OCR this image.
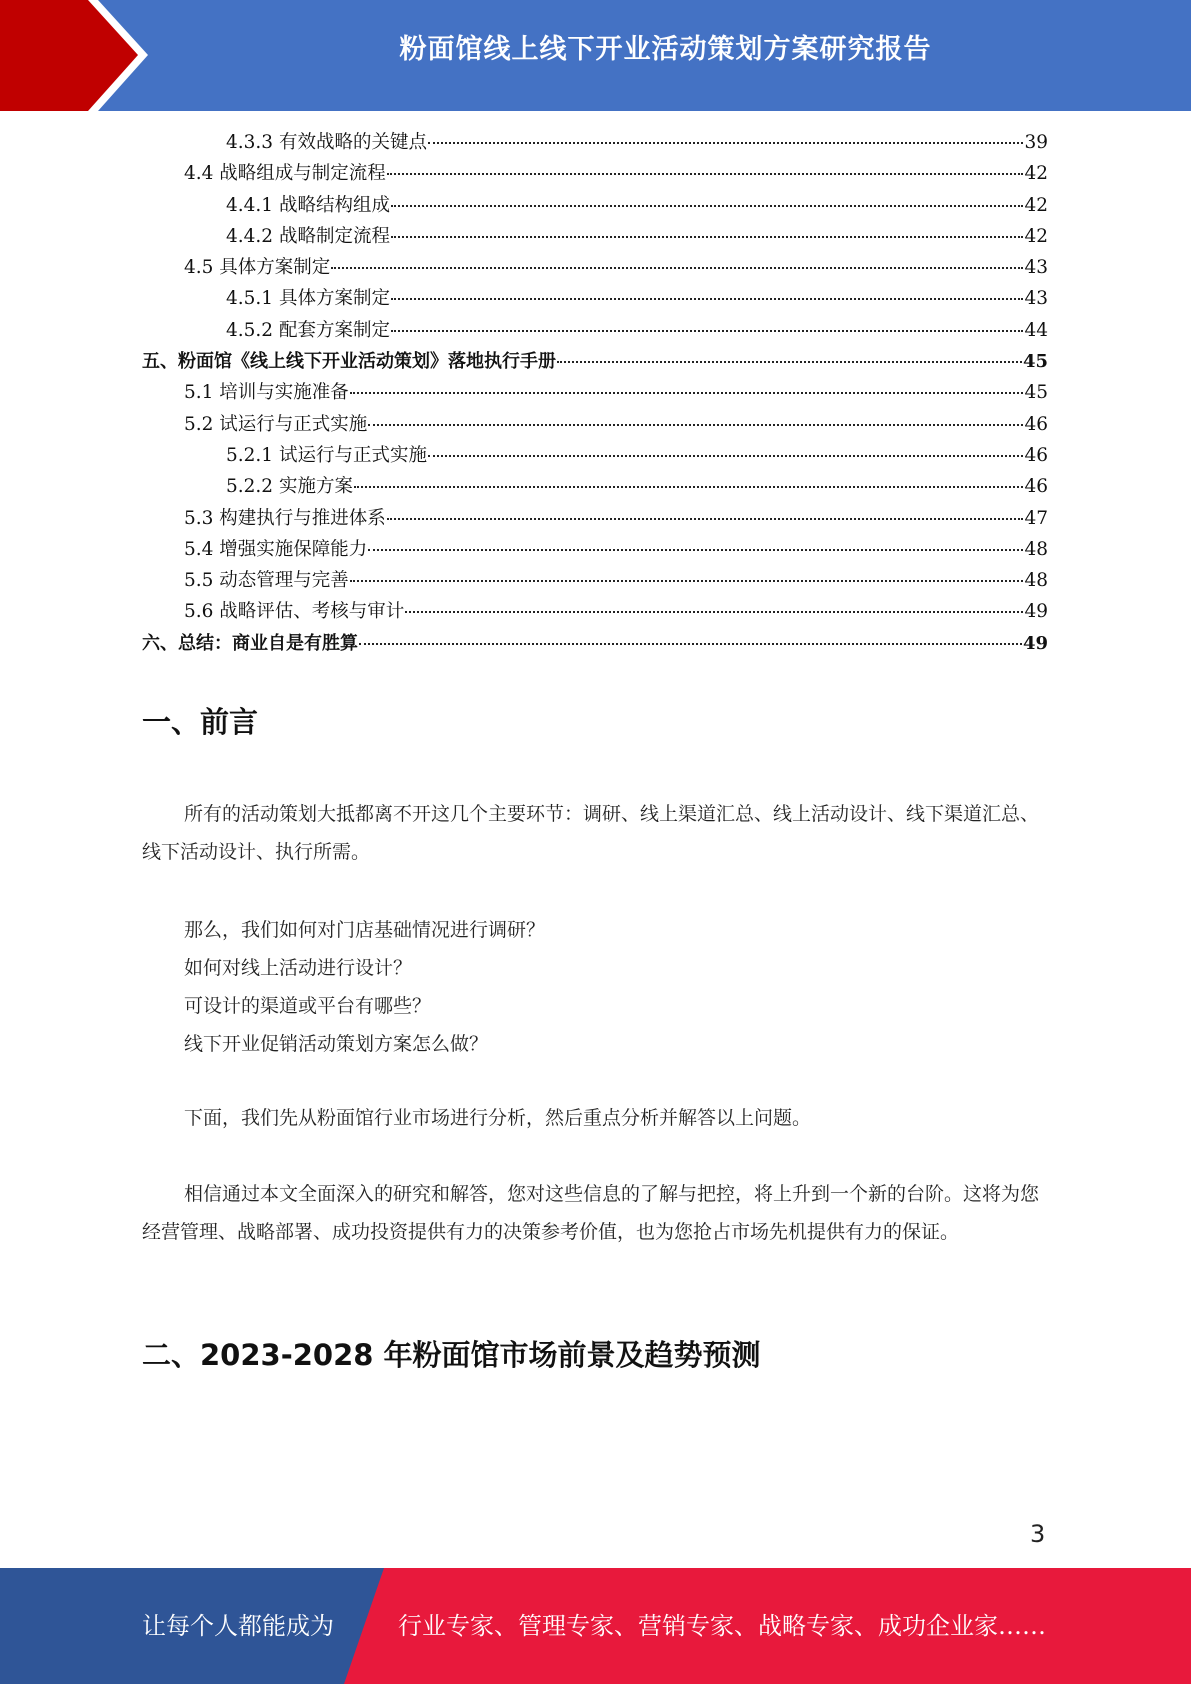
粉面馆线上线下开业活动策划方案研究报告
4.3.3 有效战略的关键点	39
4.4 战略组成与制定流程	42
4.4.1 战略结构组成	42
4.4.2 战略制定流程	42
4.5 具体方案制定	43
4.5.1 具体方案制定	43
4.5.2 配套方案制定	44
五、粉面馆《线上线下开业活动策划》落地执行手册	45
5.1 培训与实施准备	45
5.2 试运行与正式实施	46
5.2.1 试运行与正式实施	46
5.2.2 实施方案	46
5.3 构建执行与推进体系	47
5.4 增强实施保障能力	48
5.5 动态管理与完善	48
5.6 战略评估、考核与审计	49
六、总结：商业自是有胜算	49
一、前言
所有的活动策划大抵都离不开这几个主要环节：调研、线上渠道汇总、线上活动设计、线下渠道汇总、线下活动设计、执行所需。
那么，我们如何对门店基础情况进行调研？
如何对线上活动进行设计？
可设计的渠道或平台有哪些？
线下开业促销活动策划方案怎么做？
下面，我们先从粉面馆行业市场进行分析，然后重点分析并解答以上问题。
相信通过本文全面深入的研究和解答，您对这些信息的了解与把控，将上升到一个新的台阶。这将为您经营管理、战略部署、成功投资提供有力的决策参考价值，也为您抢占市场先机提供有力的保证。
二、2023-2028 年粉面馆市场前景及趋势预测
3
让每个人都能成为	行业专家、管理专家、营销专家、战略专家、成功企业家……
